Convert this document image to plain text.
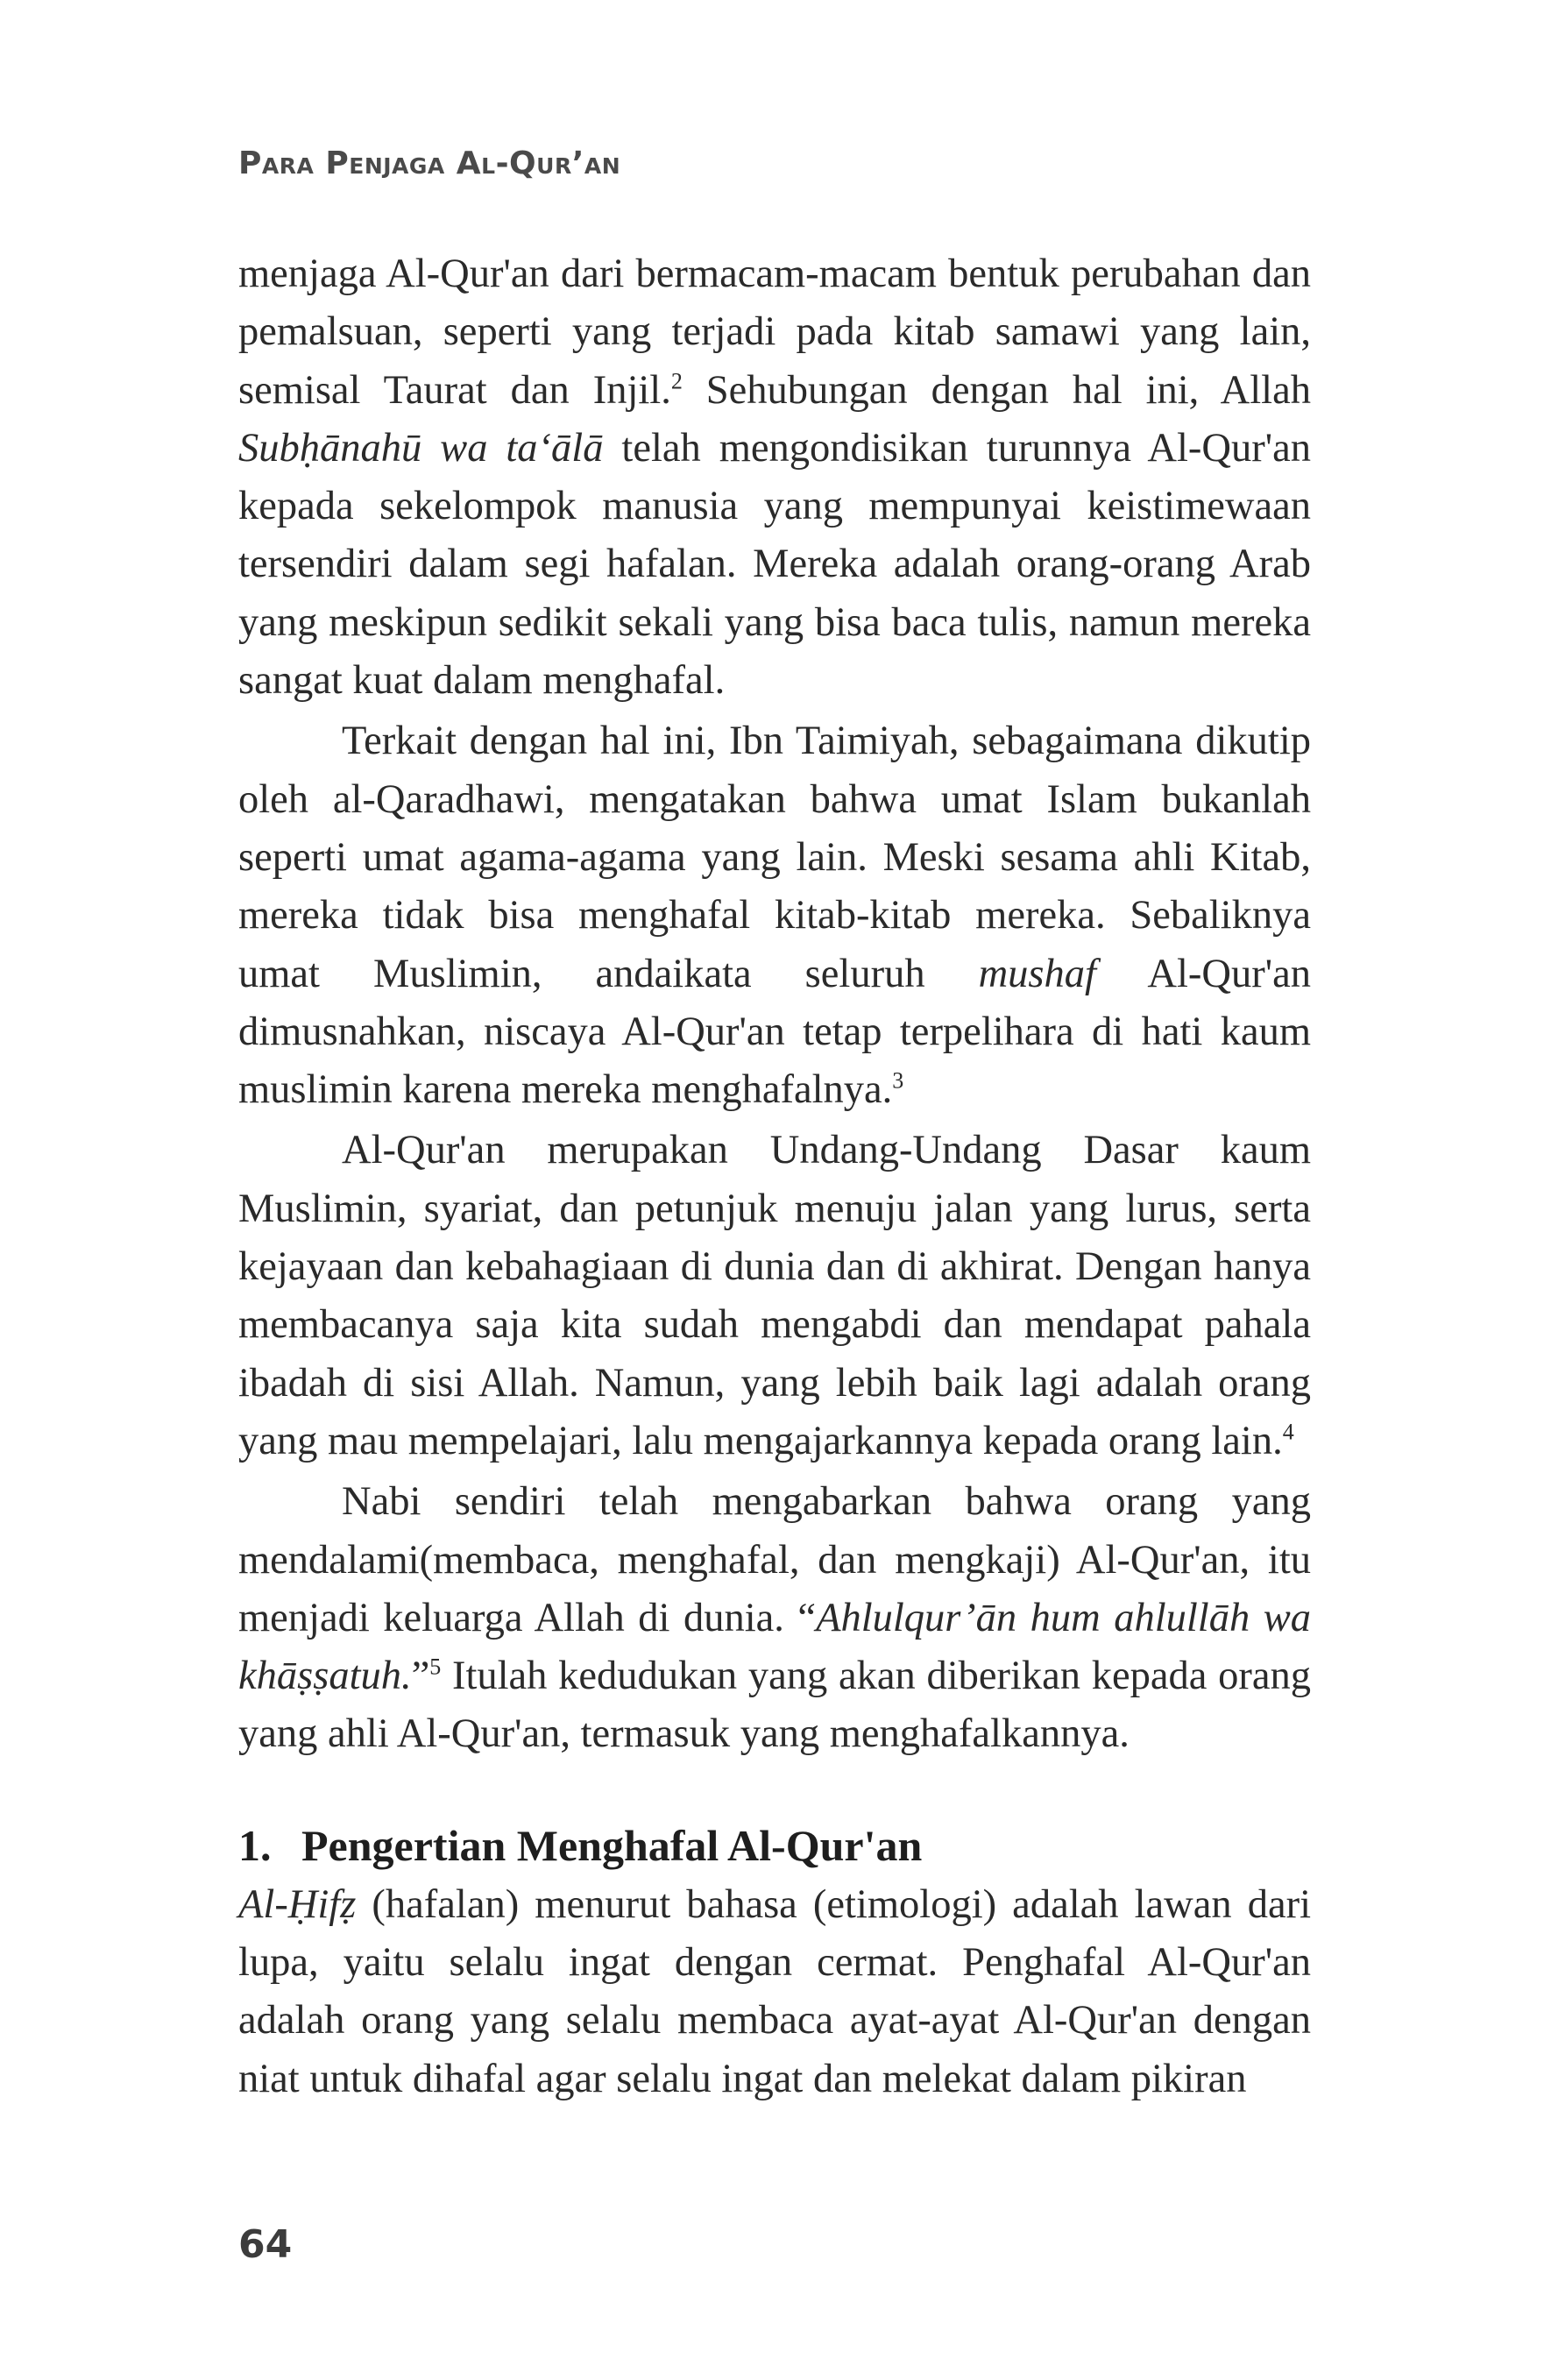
Para Penjaga Al-Qur’an

menjaga Al-Qur'an dari bermacam-macam bentuk perubahan dan pemalsuan, seperti yang terjadi pada kitab samawi yang lain, semisal Taurat dan Injil.$^2$ Sehubungan dengan hal ini, Allah Subḥānahū wa ta‘ālā telah mengondisikan turunnya Al-Qur'an kepada sekelompok manusia yang mempunyai keistimewaan tersendiri dalam segi hafalan. Mereka adalah orang-orang Arab yang meskipun sedikit sekali yang bisa baca tulis, namun mereka sangat kuat dalam menghafal.

Terkait dengan hal ini, Ibn Taimiyah, sebagaimana dikutip oleh al-Qaradhawi, mengatakan bahwa umat Islam bukanlah seperti umat agama-agama yang lain. Meski sesama ahli Kitab, mereka tidak bisa menghafal kitab-kitab mereka. Sebaliknya umat Muslimin, andaikata seluruh mushaf Al-Qur'an dimusnahkan, niscaya Al-Qur'an tetap terpelihara di hati kaum muslimin karena mereka menghafalnya.$^3$

Al-Qur'an merupakan Undang-Undang Dasar kaum Muslimin, syariat, dan petunjuk menuju jalan yang lurus, serta kejayaan dan kebahagiaan di dunia dan di akhirat. Dengan hanya membacanya saja kita sudah mengabdi dan mendapat pahala ibadah di sisi Allah. Namun, yang lebih baik lagi adalah orang yang mau mempelajari, lalu mengajarkannya kepada orang lain.$^4$

Nabi sendiri telah mengabarkan bahwa orang yang mendalami(membaca, menghafal, dan mengkaji) Al-Qur'an, itu menjadi keluarga Allah di dunia. “Ahlulqur’ān hum ahlullāh wa khāṣṣatuh.”$^5$ Itulah kedudukan yang akan diberikan kepada orang yang ahli Al-Qur'an, termasuk yang menghafalkannya.

1. Pengertian Menghafal Al-Qur'an

Al-Ḥifẓ (hafalan) menurut bahasa (etimologi) adalah lawan dari lupa, yaitu selalu ingat dengan cermat. Penghafal Al-Qur'an adalah orang yang selalu membaca ayat-ayat Al-Qur'an dengan niat untuk dihafal agar selalu ingat dan melekat dalam pikiran

64
